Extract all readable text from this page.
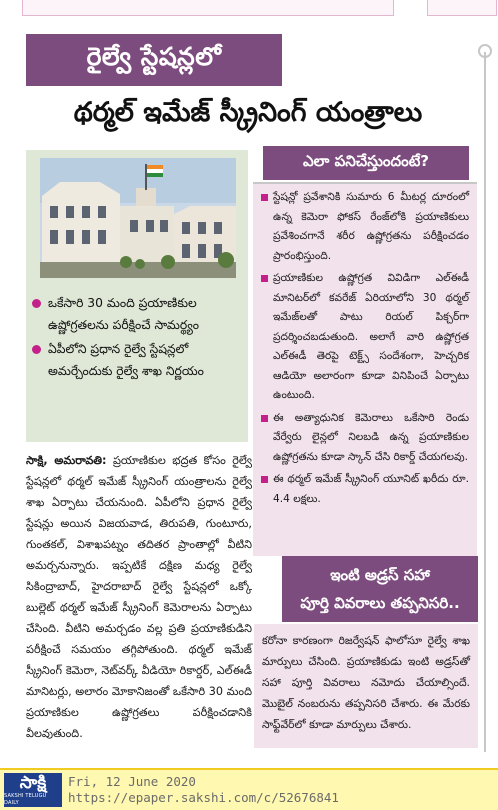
రైల్వే స్టేషన్లలో
థర్మల్ ఇమేజ్ స్క్రీనింగ్ యంత్రాలు
ఒకేసారి 30 మంది ప్రయాణికుల ఉష్ణోగ్రతలను పరీక్షించే సామర్థ్యం
ఏపీలోని ప్రధాన రైల్వే స్టేషన్లలో అమర్చేందుకు రైల్వే శాఖ నిర్ణయం
సాక్షి, అమరావతి: ప్రయాణికుల భద్రత కోసం రైల్వే స్టేషన్లలో థర్మల్ ఇమేజ్ స్క్రీనింగ్ యంత్రాలను రైల్వే శాఖ ఏర్పాటు చేయనుంది. ఏపీలోని ప్రధాన రైల్వే స్టేషన్లు అయిన విజయవాడ, తిరుపతి, గుంటూరు, గుంతకల్, విశాఖపట్నం తదితర ప్రాంతాల్లో వీటిని అమర్చనున్నారు. ఇప్పటికే దక్షిణ మధ్య రైల్వే సికింద్రాబాద్, హైదరాబాద్ రైల్వే స్టేషన్లలో ఒక్కో బుల్లెట్ థర్మల్ ఇమేజ్ స్క్రీనింగ్ కెమెరాలను ఏర్పాటు చేసింది. వీటిని అమర్చడం వల్ల ప్రతి ప్రయాణికుడిని పరీక్షించే సమయం తగ్గిపోతుంది. థర్మల్ ఇమేజ్ స్క్రీనింగ్ కెమెరా, నెట్‌వర్క్ వీడియో రికార్డర్, ఎల్‌ఈడీ మానిటర్లు, అలారం మోకానిజంతో ఒకేసారి 30 మంది ప్రయాణికుల ఉష్ణోగ్రతలు పరీక్షించడానికి వీలవుతుంది.
ఎలా పనిచేస్తుందంటే?
స్టేషన్లో ప్రవేశానికి సుమారు 6 మీటర్ల దూరంలో ఉన్న కెమెరా ఫోకస్ రేంజ్‌లోకి ప్రయాణికులు ప్రవేశించగానే శరీర ఉష్ణోగ్రతను పరీక్షించడం ప్రారంభిస్తుంది.
ప్రయాణికుల ఉష్ణోగ్రత వివిడిగా ఎల్‌ఈడీ మానిటర్‌లో కవరేజ్ ఏరియాలోని 30 థర్మల్ ఇమేజ్‌లతో పాటు రియల్ పిక్చర్‌గా ప్రదర్శించబడుతుంది. అలాగే వారి ఉష్ణోగ్రత ఎల్‌ఈడీ తెరపై టెక్ట్స్ సందేశంగా, హెచ్చరిక ఆడియో అలారంగా కూడా వినిపించే ఏర్పాటు ఉంటుంది.
ఈ అత్యాధునిక కెమెరాలు ఒకేసారి రెండు వేర్వేరు లైన్లలో నిలబడి ఉన్న ప్రయాణికుల ఉష్ణోగ్రతను కూడా స్కాన్ చేసి రికార్డ్ చేయగలవు.
ఈ థర్మల్ ఇమేజ్ స్క్రీనింగ్ యూనిట్ ఖరీదు రూ. 4.4 లక్షలు.
ఇంటి అడ్రస్ సహా
పూర్తి వివరాలు తప్పనిసరి..
కరోనా కారణంగా రిజర్వేషన్ ఫాలోసూ రైల్వే శాఖ మార్పులు చేసింది. ప్రయాణికుడు ఇంటి అడ్రస్‌తో సహా పూర్తి వివరాలు నమోదు చేయాల్సిందే. మొబైల్ నంబరును తప్పనిసరి చేశారు. ఈ మేరకు సాఫ్ట్‌వేర్‌లో కూడా మార్పులు చేశారు.
సాక్షి
SAKSHI TELUGU DAILY
Fri, 12 June 2020
https://epaper.sakshi.com/c/52676841
